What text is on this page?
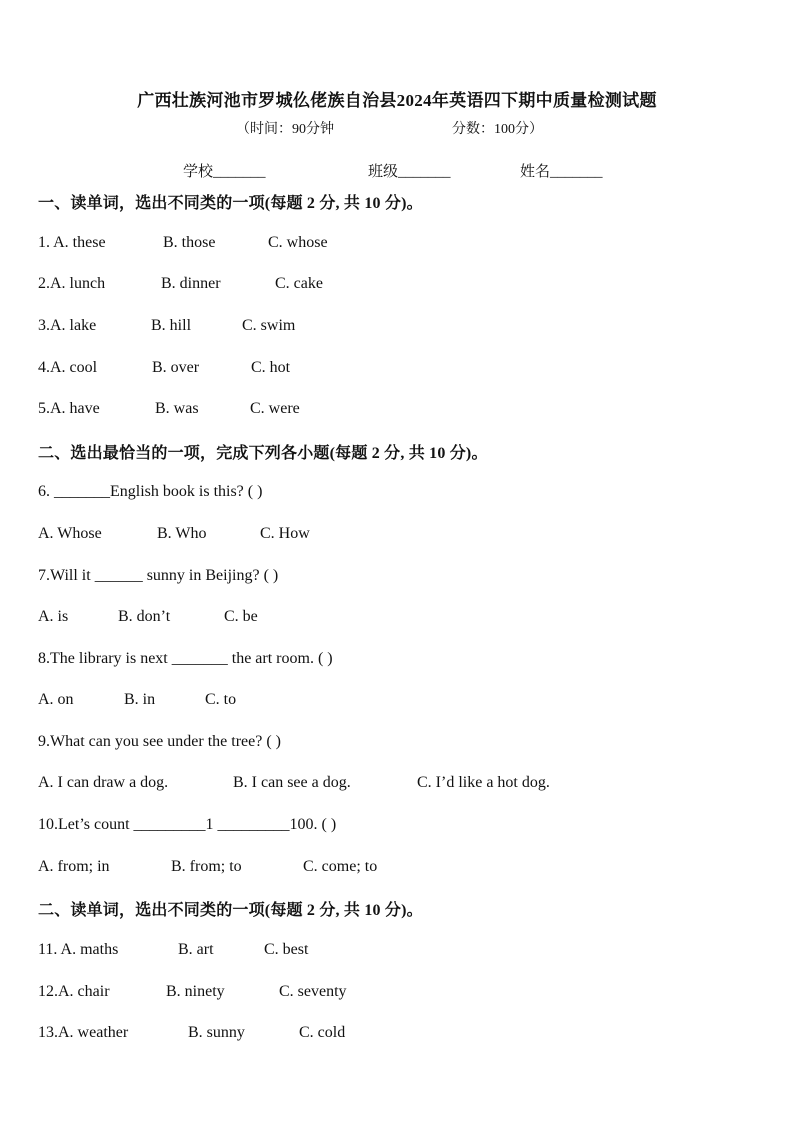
广西壮族河池市罗城仫佬族自治县2024年英语四下期中质量检测试题
（时间：90分钟	分数：100分）
学校_______	班级_______	姓名_______
一、读单词，选出不同类的一项(每题 2 分, 共 10 分)。
1. A. these	B. those	C. whose
2.A. lunch	B. dinner	C. cake
3.A. lake	B. hill	C. swim
4.A. cool	B. over	C. hot
5.A. have	B. was	C. were
二、选出最恰当的一项，完成下列各小题(每题 2 分, 共 10 分)。
6. _______English book is this? ( )
A. Whose	B. Who	C. How
7.Will it ______ sunny in Beijing? ( )
A. is	B. don’t	C. be
8.The library is next _______ the art room. ( )
A. on	B. in	C. to
9.What can you see under the tree? ( )
A. I can draw a dog.	B. I can see a dog.	C. I’d like a hot dog.
10.Let’s count _________1 _________100. ( )
A. from; in	B. from; to	C. come; to
二、读单词，选出不同类的一项(每题 2 分, 共 10 分)。
11. A. maths	B. art	C. best
12.A. chair	B. ninety	C. seventy
13.A. weather	B. sunny	C. cold
